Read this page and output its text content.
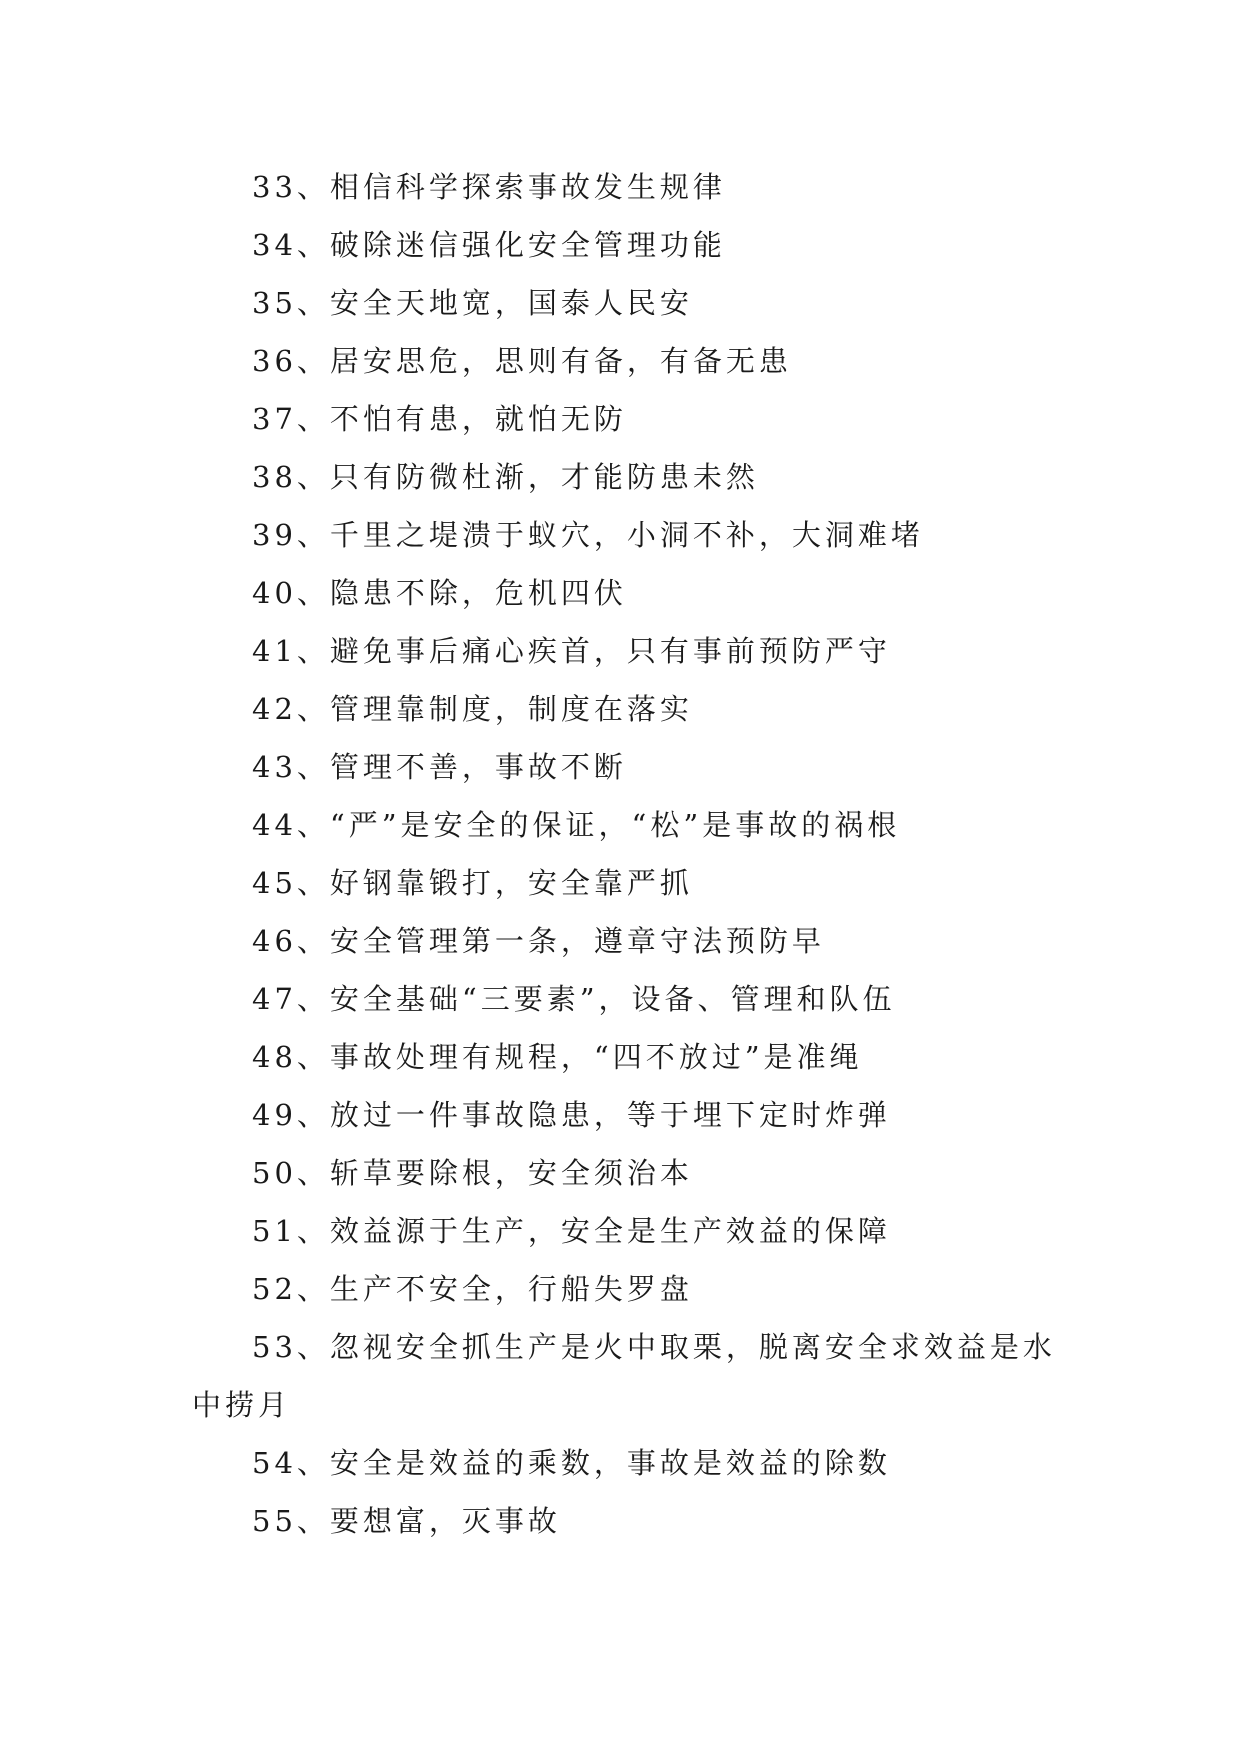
33、相信科学探索事故发生规律

34、破除迷信强化安全管理功能

35、安全天地宽，国泰人民安

36、居安思危，思则有备，有备无患

37、不怕有患，就怕无防

38、只有防微杜渐，才能防患未然

39、千里之堤溃于蚁穴，小洞不补，大洞难堵

40、隐患不除，危机四伏

41、避免事后痛心疾首，只有事前预防严守

42、管理靠制度，制度在落实

43、管理不善，事故不断

44、“严”是安全的保证，“松”是事故的祸根

45、好钢靠锻打，安全靠严抓

46、安全管理第一条，遵章守法预防早

47、安全基础“三要素”，设备、管理和队伍

48、事故处理有规程，“四不放过”是准绳

49、放过一件事故隐患，等于埋下定时炸弹

50、斩草要除根，安全须治本

51、效益源于生产，安全是生产效益的保障

52、生产不安全，行船失罗盘

53、忽视安全抓生产是火中取栗，脱离安全求效益是水中捞月

54、安全是效益的乘数，事故是效益的除数

55、要想富，灭事故
